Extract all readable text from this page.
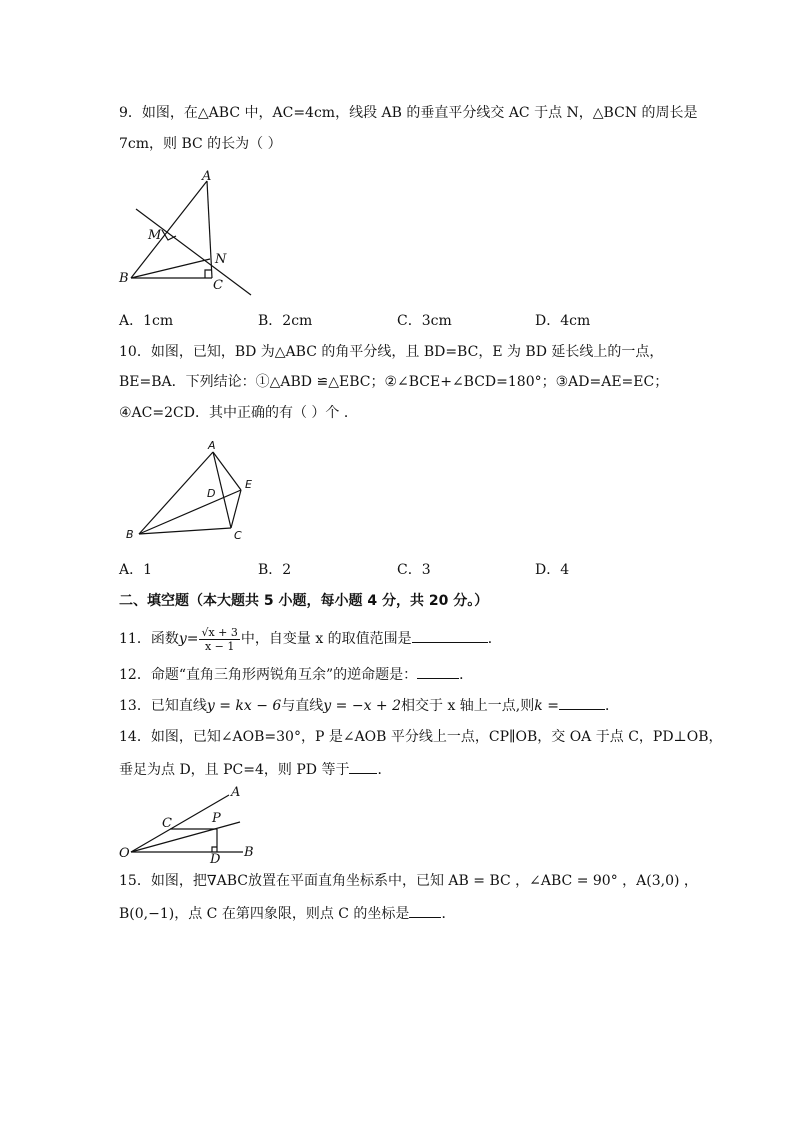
9．如图，在△ABC 中，AC=4cm，线段 AB 的垂直平分线交 AC 于点 N，△BCN 的周长是
7cm，则 BC 的长为（ ）
A
M
N
B	C
A．1cm	B．2cm	C．3cm	D．4cm
10．如图，已知，BD 为△ABC 的角平分线，且 BD=BC，E 为 BD 延长线上的一点，
BE=BA．下列结论：①△ABD ≌△EBC；②∠BCE+∠BCD=180°；③AD=AE=EC；
④AC=2CD．其中正确的有（ ）个 ．
A
D
E
B	C
A．1	B．2	C．3	D．4
二、填空题（本大题共 5 小题，每小题 4 分，共 20 分。）
11．函数$y= \frac{√x + 3}{x - 1}$ 中，自变量 x 的取值范围是	．
12．命题“直角三角形两锐角互余”的逆命题是：	．
13．已知直线y = kx − 6与直线y = −x + 2相交于 x 轴上一点,则k =	．
14．如图，已知∠AOB=30°，P 是∠AOB 平分线上一点，CP∥OB，交 OA 于点 C，PD⊥OB，
垂足为点 D，且 PC=4，则 PD 等于 ．
A
C	P
O	D B
15．如图，把∇ABC放置在平面直角坐标系中，已知 AB = BC ，∠ABC = 90° ，A(3,0) ，
B(0,−1)，点 C 在第四象限，则点 C 的坐标是 ．
